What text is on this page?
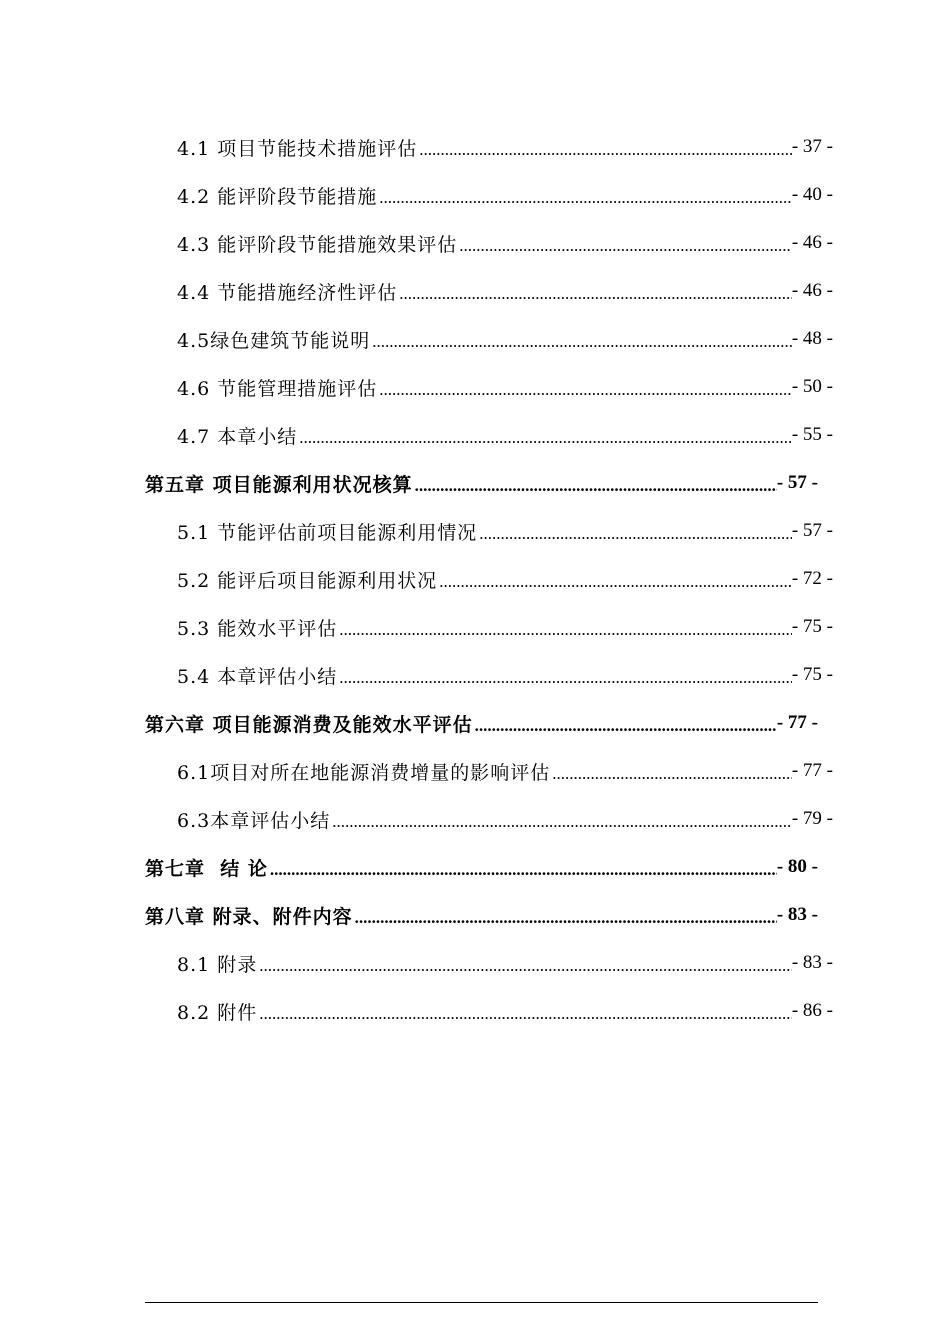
4.1 项目节能技术措施评估 .....	- 37 -
4.2 能评阶段节能措施 .....	- 40 -
4.3 能评阶段节能措施效果评估 .....	- 46 -
4.4 节能措施经济性评估 .....	- 46 -
4.5绿色建筑节能说明 .....	- 48 -
4.6 节能管理措施评估 .....	- 50 -
4.7 本章小结 .....	- 55 -
第五章 项目能源利用状况核算 .....	- 57 -
5.1 节能评估前项目能源利用情况 .....	- 57 -
5.2 能评后项目能源利用状况 .....	- 72 -
5.3 能效水平评估 .....	- 75 -
5.4 本章评估小结 .....	- 75 -
第六章 项目能源消费及能效水平评估 .....	- 77 -
6.1项目对所在地能源消费增量的影响评估 .....	- 77 -
6.3本章评估小结 .....	- 79 -
第七章  结 论 .....	- 80 -
第八章 附录、附件内容 .....	- 83 -
8.1 附录 .....	- 83 -
8.2 附件 .....	- 86 -
